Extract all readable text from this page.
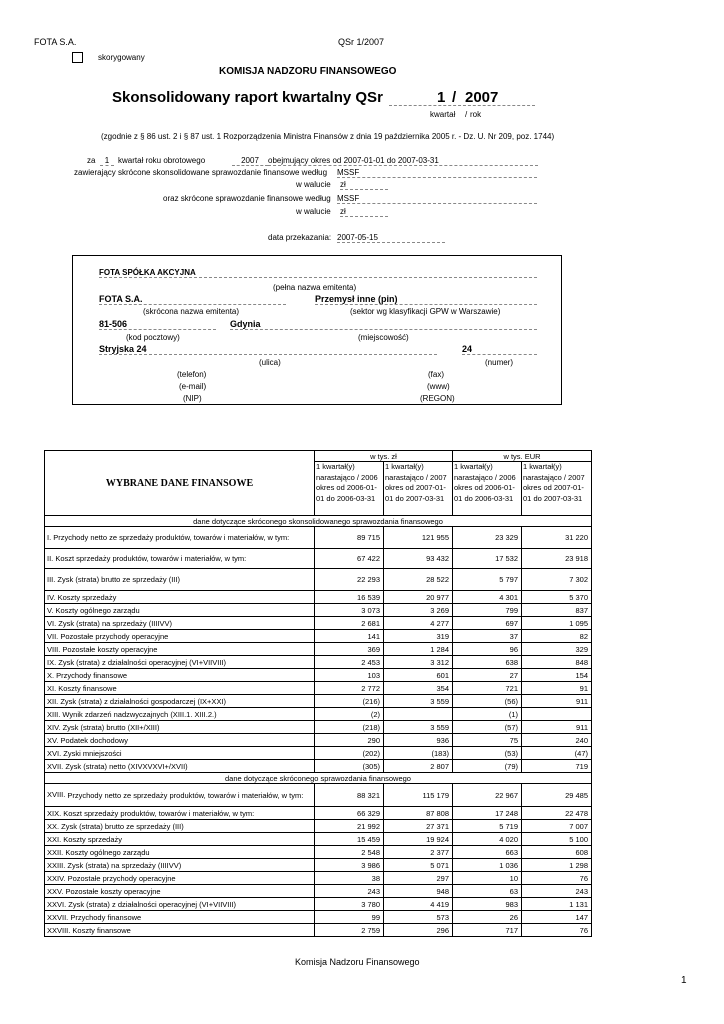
FOTA S.A.	QSr 1/2007
skorygowany
KOMISJA NADZORU FINANSOWEGO
Skonsolidowany raport kwartalny QSr	1 / 2007
kwartał / rok
(zgodnie z § 86 ust. 2 i § 87 ust. 1 Rozporządzenia Ministra Finansów z dnia 19 października 2005 r. - Dz. U. Nr 209, poz. 1744)
za	1	kwartał roku obrotowego	2007	obejmujący okres od 2007-01-01 do 2007-03-31
zawierający skrócone skonsolidowane sprawozdanie finansowe według MSSF
w walucie zł
oraz skrócone sprawozdanie finansowe według MSSF
w walucie zł
data przekazania: 2007-05-15
FOTA SPÓŁKA AKCYJNA
(pełna nazwa emitenta)
FOTA S.A.	Przemysł inne (pin)
(skrócona nazwa emitenta)	(sektor wg klasyfikacji GPW w Warszawie)
81-506	Gdynia
(kod pocztowy)	(miejscowość)
Stryjska 24	24
(ulica)	(numer)
(telefon)	(fax)
(e-mail)	(www)
(NIP)	(REGON)
WYBRANE DANE FINANSOWE	w tys. zł		w tys. EUR	
	1 kwartał(y) narastająco / 2006 okres od 2006-01-01 do 2006-03-31	1 kwartał(y) narastająco / 2007 okres od 2007-01-01 do 2007-03-31	1 kwartał(y) narastająco / 2006 okres od 2006-01-01 do 2006-03-31	1 kwartał(y) narastająco / 2007 okres od 2007-01-01 do 2007-03-31
dane dotyczące skróconego skonsolidowanego sprawozdania finansowego				
I. Przychody netto ze sprzedaży produktów, towarów i materiałów, w tym:	89 715	121 955	23 329	31 220
II. Koszt sprzedaży produktów, towarów i materiałów, w tym:	67 422	93 432	17 532	23 918
III. Zysk (strata) brutto ze sprzedaży (III)	22 293	28 522	5 797	7 302
IV. Koszty sprzedaży	16 539	20 977	4 301	5 370
V. Koszty ogólnego zarządu	3 073	3 269	799	837
VI. Zysk (strata) na sprzedaży (IIIIVV)	2 681	4 277	697	1 095
VII. Pozostałe przychody operacyjne	141	319	37	82
VIII. Pozostałe koszty operacyjne	369	1 284	96	329
IX. Zysk (strata) z działalności operacyjnej (VI+VIIVIII)	2 453	3 312	638	848
X. Przychody finansowe	103	601	27	154
XI. Koszty finansowe	2 772	354	721	91
XII. Zysk (strata) z działalności gospodarczej (IX+XXI)	(216)	3 559	(56)	911
XIII. Wynik zdarzeń nadzwyczajnych (XIII.1. XIII.2.)	(2)		(1)	
XIV. Zysk (strata) brutto (XII+/XIII)	(218)	3 559	(57)	911
XV. Podatek dochodowy	290	936	75	240
XVI. Zyski mniejszości	(202)	(183)	(53)	(47)
XVII. Zysk (strata) netto (XIVXVXVI+/XVII)	(305)	2 807	(79)	719
dane dotyczące skróconego sprawozdania finansowego				
XVIII. Przychody netto ze sprzedaży produktów, towarów i materiałów, w tym:	88 321	115 179	22 967	29 485
XIX. Koszt sprzedaży produktów, towarów i materiałów, w tym:	66 329	87 808	17 248	22 478
XX. Zysk (strata) brutto ze sprzedaży (III)	21 992	27 371	5 719	7 007
XXI. Koszty sprzedaży	15 459	19 924	4 020	5 100
XXII. Koszty ogólnego zarządu	2 548	2 377	663	608
XXIII. Zysk (strata) na sprzedaży (IIIIVV)	3 986	5 071	1 036	1 298
XXIV. Pozostałe przychody operacyjne	38	297	10	76
XXV. Pozostałe koszty operacyjne	243	948	63	243
XXVI. Zysk (strata) z działalności operacyjnej (VI+VIIVIII)	3 780	4 419	983	1 131
XXVII. Przychody finansowe	99	573	26	147
XXVIII. Koszty finansowe	2 759	296	717	76
Komisja Nadzoru Finansowego
1
